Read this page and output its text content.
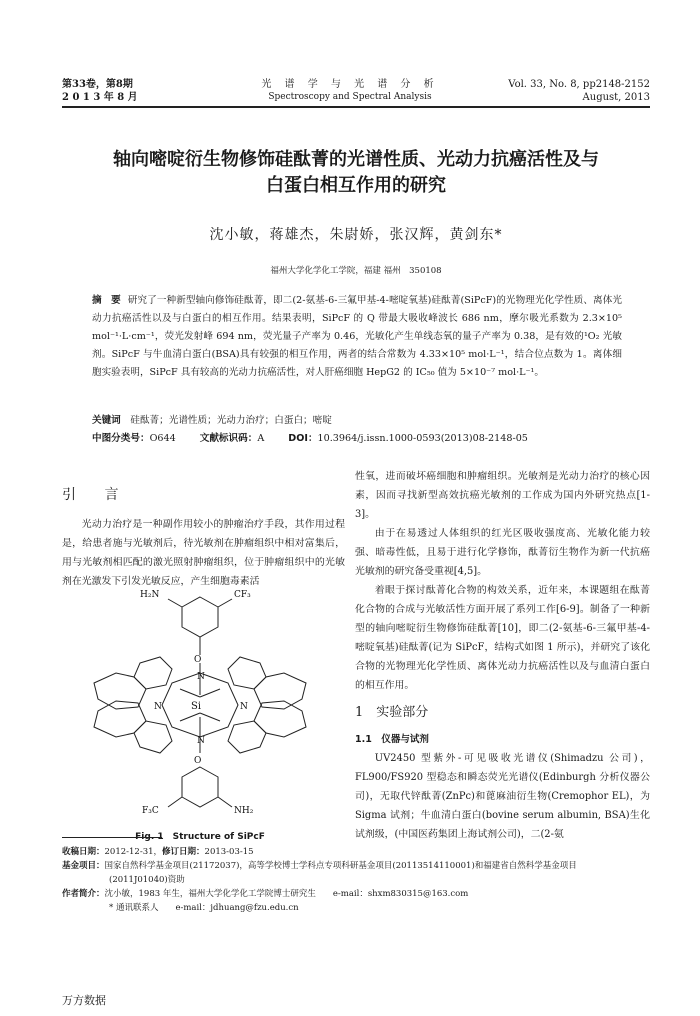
第33卷，第8期
2 0 1 3 年 8 月
光 谱 学 与 光 谱 分 析
Spectroscopy and Spectral Analysis
Vol. 33, No. 8, pp2148-2152
August, 2013
轴向嘧啶衍生物修饰硅酞菁的光谱性质、光动力抗癌活性及与
白蛋白相互作用的研究
沈小敏，蒋雄杰，朱尉娇，张汉辉，黄剑东*
福州大学化学化工学院，福建 福州　350108
摘 要 研究了一种新型轴向修饰硅酞菁，即二(2-氨基-6-三氟甲基-4-嘧啶氧基)硅酞菁(SiPcF)的光物理光化学性质、离体光动力抗癌活性以及与白蛋白的相互作用。结果表明，SiPcF 的 Q 带最大吸收峰波长 686 nm，摩尔吸光系数为 2.3×10⁵ mol⁻¹·L·cm⁻¹，荧光发射峰 694 nm，荧光量子产率为 0.46，光敏化产生单线态氧的量子产率为 0.38，是有效的¹O₂ 光敏剂。SiPcF 与牛血清白蛋白(BSA)具有较强的相互作用，两者的结合常数为 4.33×10⁵ mol·L⁻¹，结合位点数为 1。离体细胞实验表明，SiPcF 具有较高的光动力抗癌活性，对人肝癌细胞 HepG2 的 IC₅₀ 值为 5×10⁻⁷ mol·L⁻¹。
关键词　 硅酞菁；光谱性质；光动力治疗；白蛋白；嘧啶
中图分类号：O644	文献标识码：A	DOI：10.3964/j.issn.1000-0593(2013)08-2148-05
引 言

光动力治疗是一种副作用较小的肿瘤治疗手段，其作用过程是，给患者施与光敏剂后，待光敏剂在肿瘤组织中相对富集后，用与光敏剂相匹配的激光照射肿瘤组织，位于肿瘤组织中的光敏剂在光激发下引发光敏反应，产生细胞毒素活

H₂N	CF₃
O
Si
O
N
N
N	N
F₃C	NH₂
Fig. 1　Structure of SiPcF

性氧，进而破坏癌细胞和肿瘤组织。光敏剂是光动力治疗的核心因素，因而寻找新型高效抗癌光敏剂的工作成为国内外研究热点[1-3]。

由于在易透过人体组织的红光区吸收强度高、光敏化能力较强、暗毒性低，且易于进行化学修饰，酞菁衍生物作为新一代抗癌光敏剂的研究备受重视[4,5]。

着眼于探讨酞菁化合物的构效关系，近年来，本课题组在酞菁化合物的合成与光敏活性方面开展了系列工作[6-9]。制备了一种新型的轴向嘧啶衍生物修饰硅酞菁[10]，即二(2-氨基-6-三氟甲基-4-嘧啶氧基)硅酞菁(记为 SiPcF，结构式如图 1 所示)，并研究了该化合物的光物理光化学性质、离体光动力抗癌活性以及与血清白蛋白的相互作用。

1　实验部分

1.1　仪器与试剂

UV2450 型紫外-可见吸收光谱仪(Shimadzu 公司)，FL900/FS920 型稳态和瞬态荧光光谱仪(Edinburgh 分析仪器公司)，无取代锌酞菁(ZnPc)和蓖麻油衍生物(Cremophor EL)，为 Sigma 试剂；牛血清白蛋白(bovine serum albumin, BSA)生化试剂级，(中国医药集团上海试剂公司)，二(2-氨

收稿日期：2012-12-31，修订日期：2013-03-15
基金项目：国家自然科学基金项目(21172037)，高等学校博士学科点专项科研基金项目(20113514110001)和福建省自然科学基金项目
(2011J01040)资助
作者简介：沈小敏，1983 年生，福州大学化学化工学院博士研究生　　e-mail：shxm830315@163.com
* 通讯联系人　　e-mail：jdhuang@fzu.edu.cn
万方数据
